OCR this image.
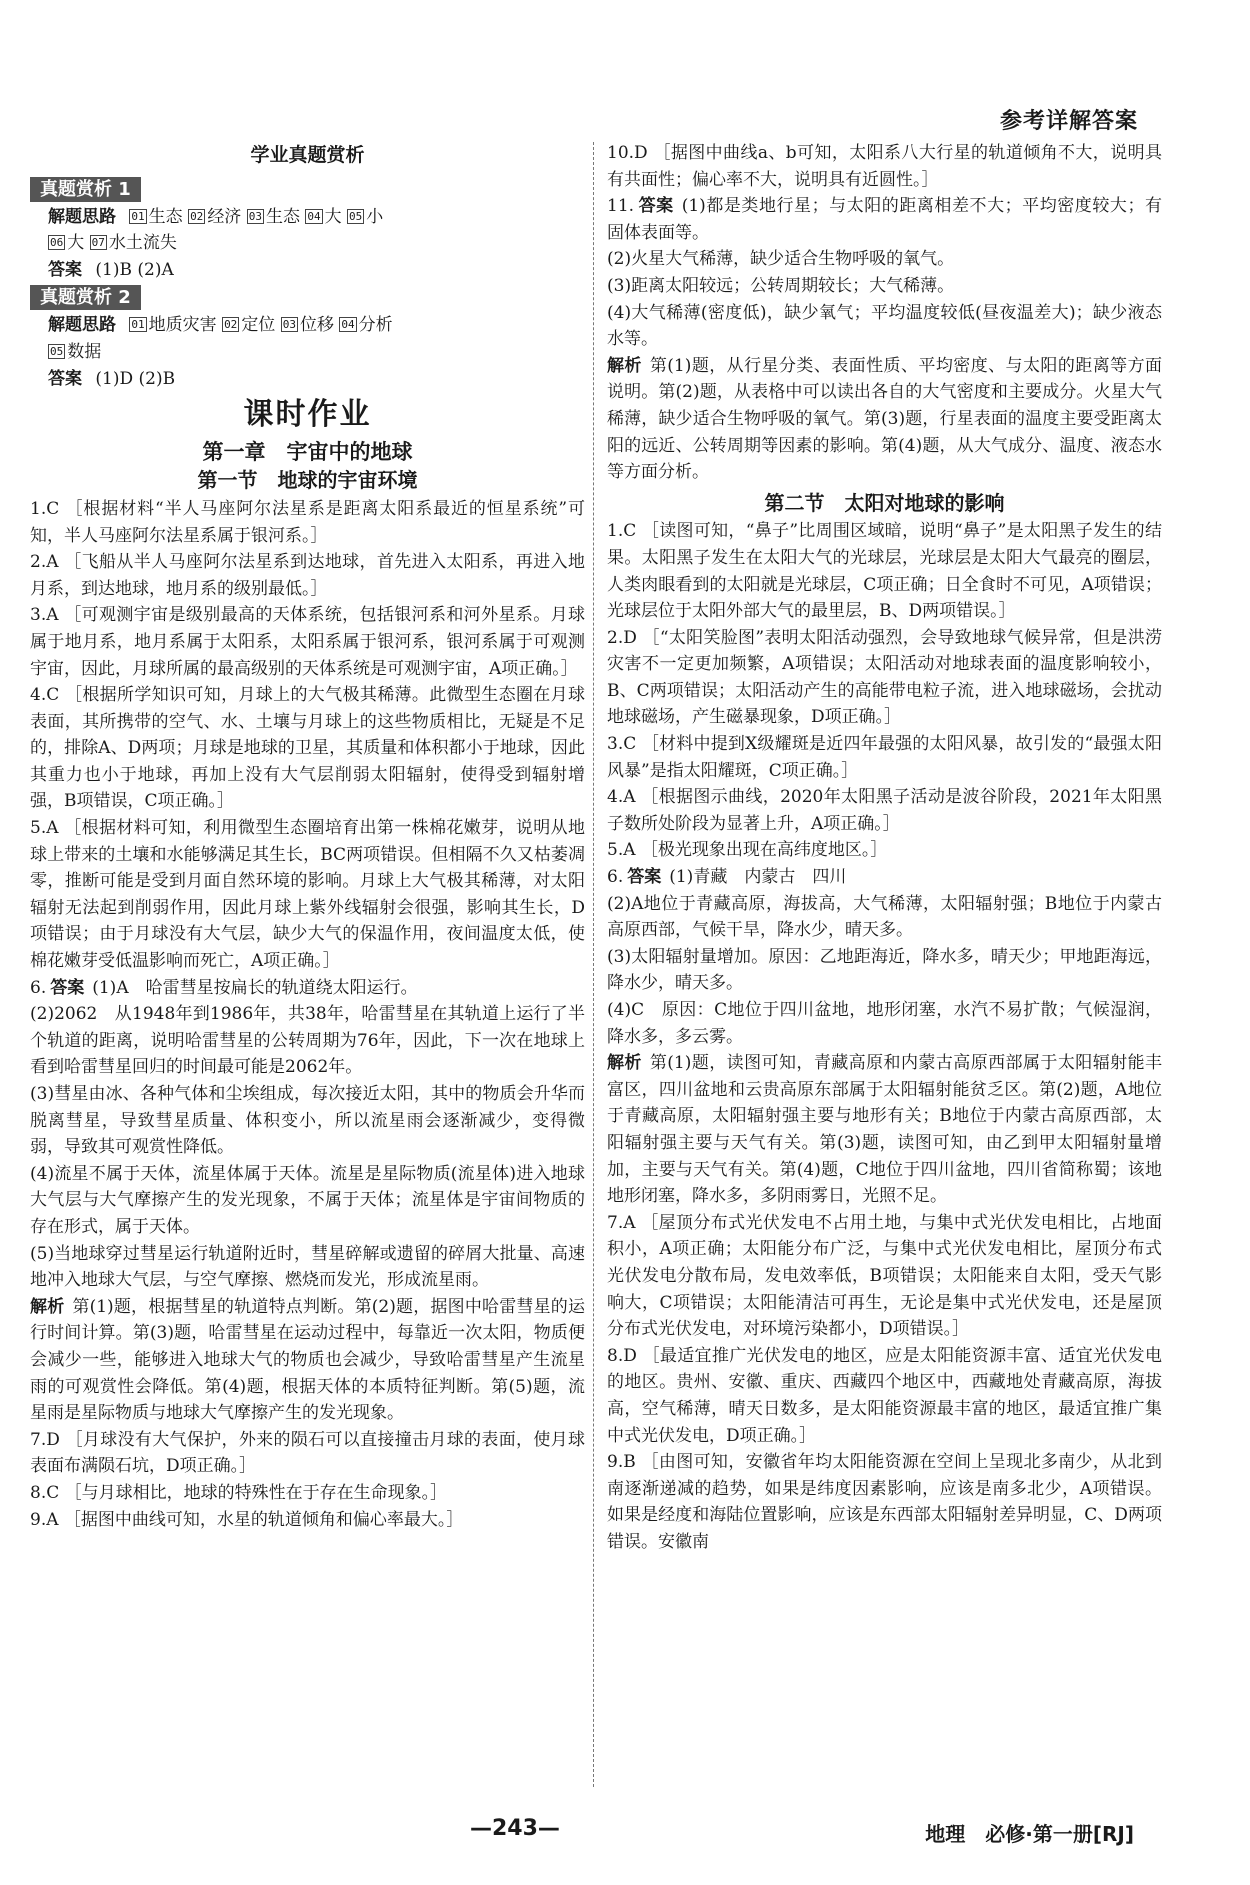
参考详解答案
学业真题赏析
真题赏析 1
解题思路 01 生态 02 经济 03 生态 04 大 05 小
06 大 07 水土流失
答案 (1)B (2)A
真题赏析 2
解题思路 01 地质灾害 02 定位 03 位移 04 分析
05 数据
答案 (1)D (2)B
课时作业
第一章　宇宙中的地球
第一节　地球的宇宙环境

1.C ［根据材料“半人马座阿尔法星系是距离太阳系最近的恒星系统”可知，半人马座阿尔法星系属于银河系。］

2.A ［飞船从半人马座阿尔法星系到达地球，首先进入太阳系，再进入地月系，到达地球，地月系的级别最低。］

3.A ［可观测宇宙是级别最高的天体系统，包括银河系和河外星系。月球属于地月系，地月系属于太阳系，太阳系属于银河系，银河系属于可观测宇宙，因此，月球所属的最高级别的天体系统是可观测宇宙，A项正确。］

4.C ［根据所学知识可知，月球上的大气极其稀薄。此微型生态圈在月球表面，其所携带的空气、水、土壤与月球上的这些物质相比，无疑是不足的，排除A、D两项；月球是地球的卫星，其质量和体积都小于地球，因此其重力也小于地球，再加上没有大气层削弱太阳辐射，使得受到辐射增强，B项错误，C项正确。］

5.A ［根据材料可知，利用微型生态圈培育出第一株棉花嫩芽，说明从地球上带来的土壤和水能够满足其生长，BC两项错误。但相隔不久又枯萎凋零，推断可能是受到月面自然环境的影响。月球上大气极其稀薄，对太阳辐射无法起到削弱作用，因此月球上紫外线辐射会很强，影响其生长，D项错误；由于月球没有大气层，缺少大气的保温作用，夜间温度太低，使棉花嫩芽受低温影响而死亡，A项正确。］

6. 答案 (1)A　哈雷彗星按扁长的轨道绕太阳运行。

(2)2062　从1948年到1986年，共38年，哈雷彗星在其轨道上运行了半个轨道的距离，说明哈雷彗星的公转周期为76年，因此，下一次在地球上看到哈雷彗星回归的时间最可能是2062年。

(3)彗星由冰、各种气体和尘埃组成，每次接近太阳，其中的物质会升华而脱离彗星，导致彗星质量、体积变小，所以流星雨会逐渐减少，变得微弱，导致其可观赏性降低。

(4)流星不属于天体，流星体属于天体。流星是星际物质(流星体)进入地球大气层与大气摩擦产生的发光现象，不属于天体；流星体是宇宙间物质的存在形式，属于天体。

(5)当地球穿过彗星运行轨道附近时，彗星碎解或遗留的碎屑大批量、高速地冲入地球大气层，与空气摩擦、燃烧而发光，形成流星雨。

解析 第(1)题，根据彗星的轨道特点判断。第(2)题，据图中哈雷彗星的运行时间计算。第(3)题，哈雷彗星在运动过程中，每靠近一次太阳，物质便会减少一些，能够进入地球大气的物质也会减少，导致哈雷彗星产生流星雨的可观赏性会降低。第(4)题，根据天体的本质特征判断。第(5)题，流星雨是星际物质与地球大气摩擦产生的发光现象。

7.D ［月球没有大气保护，外来的陨石可以直接撞击月球的表面，使月球表面布满陨石坑，D项正确。］

8.C ［与月球相比，地球的特殊性在于存在生命现象。］

9.A ［据图中曲线可知，水星的轨道倾角和偏心率最大。］

10.D ［据图中曲线a、b可知，太阳系八大行星的轨道倾角不大，说明具有共面性；偏心率不大，说明具有近圆性。］

11. 答案 (1)都是类地行星；与太阳的距离相差不大；平均密度较大；有固体表面等。

(2)火星大气稀薄，缺少适合生物呼吸的氧气。

(3)距离太阳较远；公转周期较长；大气稀薄。

(4)大气稀薄(密度低)，缺少氧气；平均温度较低(昼夜温差大)；缺少液态水等。

解析 第(1)题，从行星分类、表面性质、平均密度、与太阳的距离等方面说明。第(2)题，从表格中可以读出各自的大气密度和主要成分。火星大气稀薄，缺少适合生物呼吸的氧气。第(3)题，行星表面的温度主要受距离太阳的远近、公转周期等因素的影响。第(4)题，从大气成分、温度、液态水等方面分析。

第二节　太阳对地球的影响

1.C ［读图可知，“鼻子”比周围区域暗，说明“鼻子”是太阳黑子发生的结果。太阳黑子发生在太阳大气的光球层，光球层是太阳大气最亮的圈层，人类肉眼看到的太阳就是光球层，C项正确；日全食时不可见，A项错误；光球层位于太阳外部大气的最里层，B、D两项错误。］

2.D ［“太阳笑脸图”表明太阳活动强烈，会导致地球气候异常，但是洪涝灾害不一定更加频繁，A项错误；太阳活动对地球表面的温度影响较小，B、C两项错误；太阳活动产生的高能带电粒子流，进入地球磁场，会扰动地球磁场，产生磁暴现象，D项正确。］

3.C ［材料中提到X级耀斑是近四年最强的太阳风暴，故引发的“最强太阳风暴”是指太阳耀斑，C项正确。］

4.A ［根据图示曲线，2020年太阳黑子活动是波谷阶段，2021年太阳黑子数所处阶段为显著上升，A项正确。］

5.A ［极光现象出现在高纬度地区。］

6. 答案 (1)青藏　内蒙古　四川

(2)A地位于青藏高原，海拔高，大气稀薄，太阳辐射强；B地位于内蒙古高原西部，气候干旱，降水少，晴天多。

(3)太阳辐射量增加。原因：乙地距海近，降水多，晴天少；甲地距海远，降水少，晴天多。

(4)C　原因：C地位于四川盆地，地形闭塞，水汽不易扩散；气候湿润，降水多，多云雾。

解析 第(1)题，读图可知，青藏高原和内蒙古高原西部属于太阳辐射能丰富区，四川盆地和云贵高原东部属于太阳辐射能贫乏区。第(2)题，A地位于青藏高原，太阳辐射强主要与地形有关；B地位于内蒙古高原西部，太阳辐射强主要与天气有关。第(3)题，读图可知，由乙到甲太阳辐射量增加，主要与天气有关。第(4)题，C地位于四川盆地，四川省简称蜀；该地地形闭塞，降水多，多阴雨雾日，光照不足。

7.A ［屋顶分布式光伏发电不占用土地，与集中式光伏发电相比，占地面积小，A项正确；太阳能分布广泛，与集中式光伏发电相比，屋顶分布式光伏发电分散布局，发电效率低，B项错误；太阳能来自太阳，受天气影响大，C项错误；太阳能清洁可再生，无论是集中式光伏发电，还是屋顶分布式光伏发电，对环境污染都小，D项错误。］

8.D ［最适宜推广光伏发电的地区，应是太阳能资源丰富、适宜光伏发电的地区。贵州、安徽、重庆、西藏四个地区中，西藏地处青藏高原，海拔高，空气稀薄，晴天日数多，是太阳能资源最丰富的地区，最适宜推广集中式光伏发电，D项正确。］

9.B ［由图可知，安徽省年均太阳能资源在空间上呈现北多南少，从北到南逐渐递减的趋势，如果是纬度因素影响，应该是南多北少，A项错误。如果是经度和海陆位置影响，应该是东西部太阳辐射差异明显，C、D两项错误。安徽南

—243—	地理　必修·第一册[RJ]
